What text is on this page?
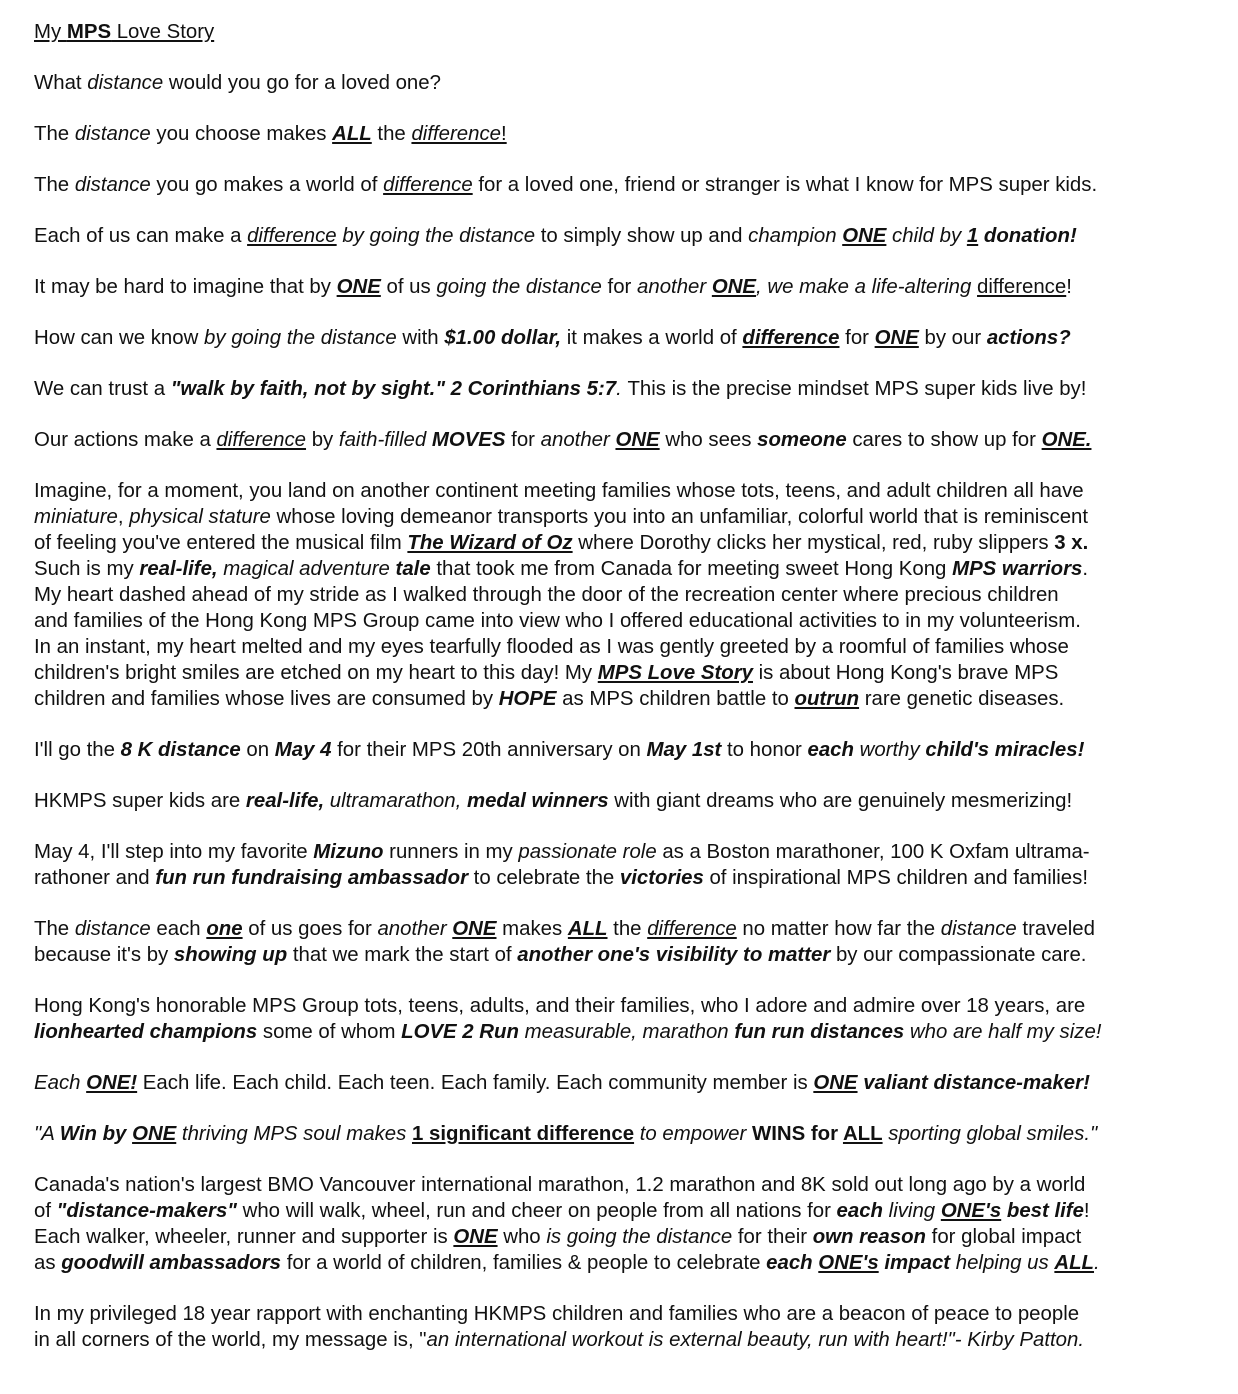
My MPS Love Story
What distance would you go for a loved one?
The distance you choose makes ALL the difference!
The distance you go makes a world of difference for a loved one, friend or stranger is what I know for MPS super kids.
Each of us can make a difference by going the distance to simply show up and champion ONE child by 1 donation!
It may be hard to imagine that by ONE of us going the distance for another ONE, we make a life-altering difference!
How can we know by going the distance with $1.00 dollar, it makes a world of difference for ONE by our actions?
We can trust a "walk by faith, not by sight." 2 Corinthians 5:7. This is the precise mindset MPS super kids live by!
Our actions make a difference by faith-filled MOVES for another ONE who sees someone cares to show up for ONE.
Imagine, for a moment, you land on another continent meeting families whose tots, teens, and adult children all have
miniature, physical stature whose loving demeanor transports you into an unfamiliar, colorful world that is reminiscent
of feeling you've entered the musical film The Wizard of Oz where Dorothy clicks her mystical, red, ruby slippers 3 x.
Such is my real-life, magical adventure tale that took me from Canada for meeting sweet Hong Kong MPS warriors.
My heart dashed ahead of my stride as I walked through the door of the recreation center where precious children
and families of the Hong Kong MPS Group came into view who I offered educational activities to in my volunteerism.
In an instant, my heart melted and my eyes tearfully flooded as I was gently greeted by a roomful of families whose
children's bright smiles are etched on my heart to this day! My MPS Love Story is about Hong Kong's brave MPS
children and families whose lives are consumed by HOPE as MPS children battle to outrun rare genetic diseases.
I'll go the 8 K distance on May 4 for their MPS 20th anniversary on May 1st to honor each worthy child's miracles!
HKMPS super kids are real-life, ultramarathon, medal winners with giant dreams who are genuinely mesmerizing!
May 4, I'll step into my favorite Mizuno runners in my passionate role as a Boston marathoner, 100 K Oxfam ultrama-
rathoner and fun run fundraising ambassador to celebrate the victories of inspirational MPS children and families!
The distance each one of us goes for another ONE makes ALL the difference no matter how far the distance traveled
because it's by showing up that we mark the start of another one's visibility to matter by our compassionate care.
Hong Kong's honorable MPS Group tots, teens, adults, and their families, who I adore and admire over 18 years, are
lionhearted champions some of whom LOVE 2 Run measurable, marathon fun run distances who are half my size!
Each ONE! Each life. Each child. Each teen. Each family. Each community member is ONE valiant distance-maker!
"A Win by ONE thriving MPS soul makes 1 significant difference to empower WINS for ALL sporting global smiles."
Canada's nation's largest BMO Vancouver international marathon, 1.2 marathon and 8K sold out long ago by a world
of "distance-makers" who will walk, wheel, run and cheer on people from all nations for each living ONE's best life!
Each walker, wheeler, runner and supporter is ONE who is going the distance for their own reason for global impact
as goodwill ambassadors for a world of children, families & people to celebrate each ONE's impact helping us ALL.
In my privileged 18 year rapport with enchanting HKMPS children and families who are a beacon of peace to people
in all corners of the world, my message is, "an international workout is external beauty, run with heart!"- Kirby Patton.
